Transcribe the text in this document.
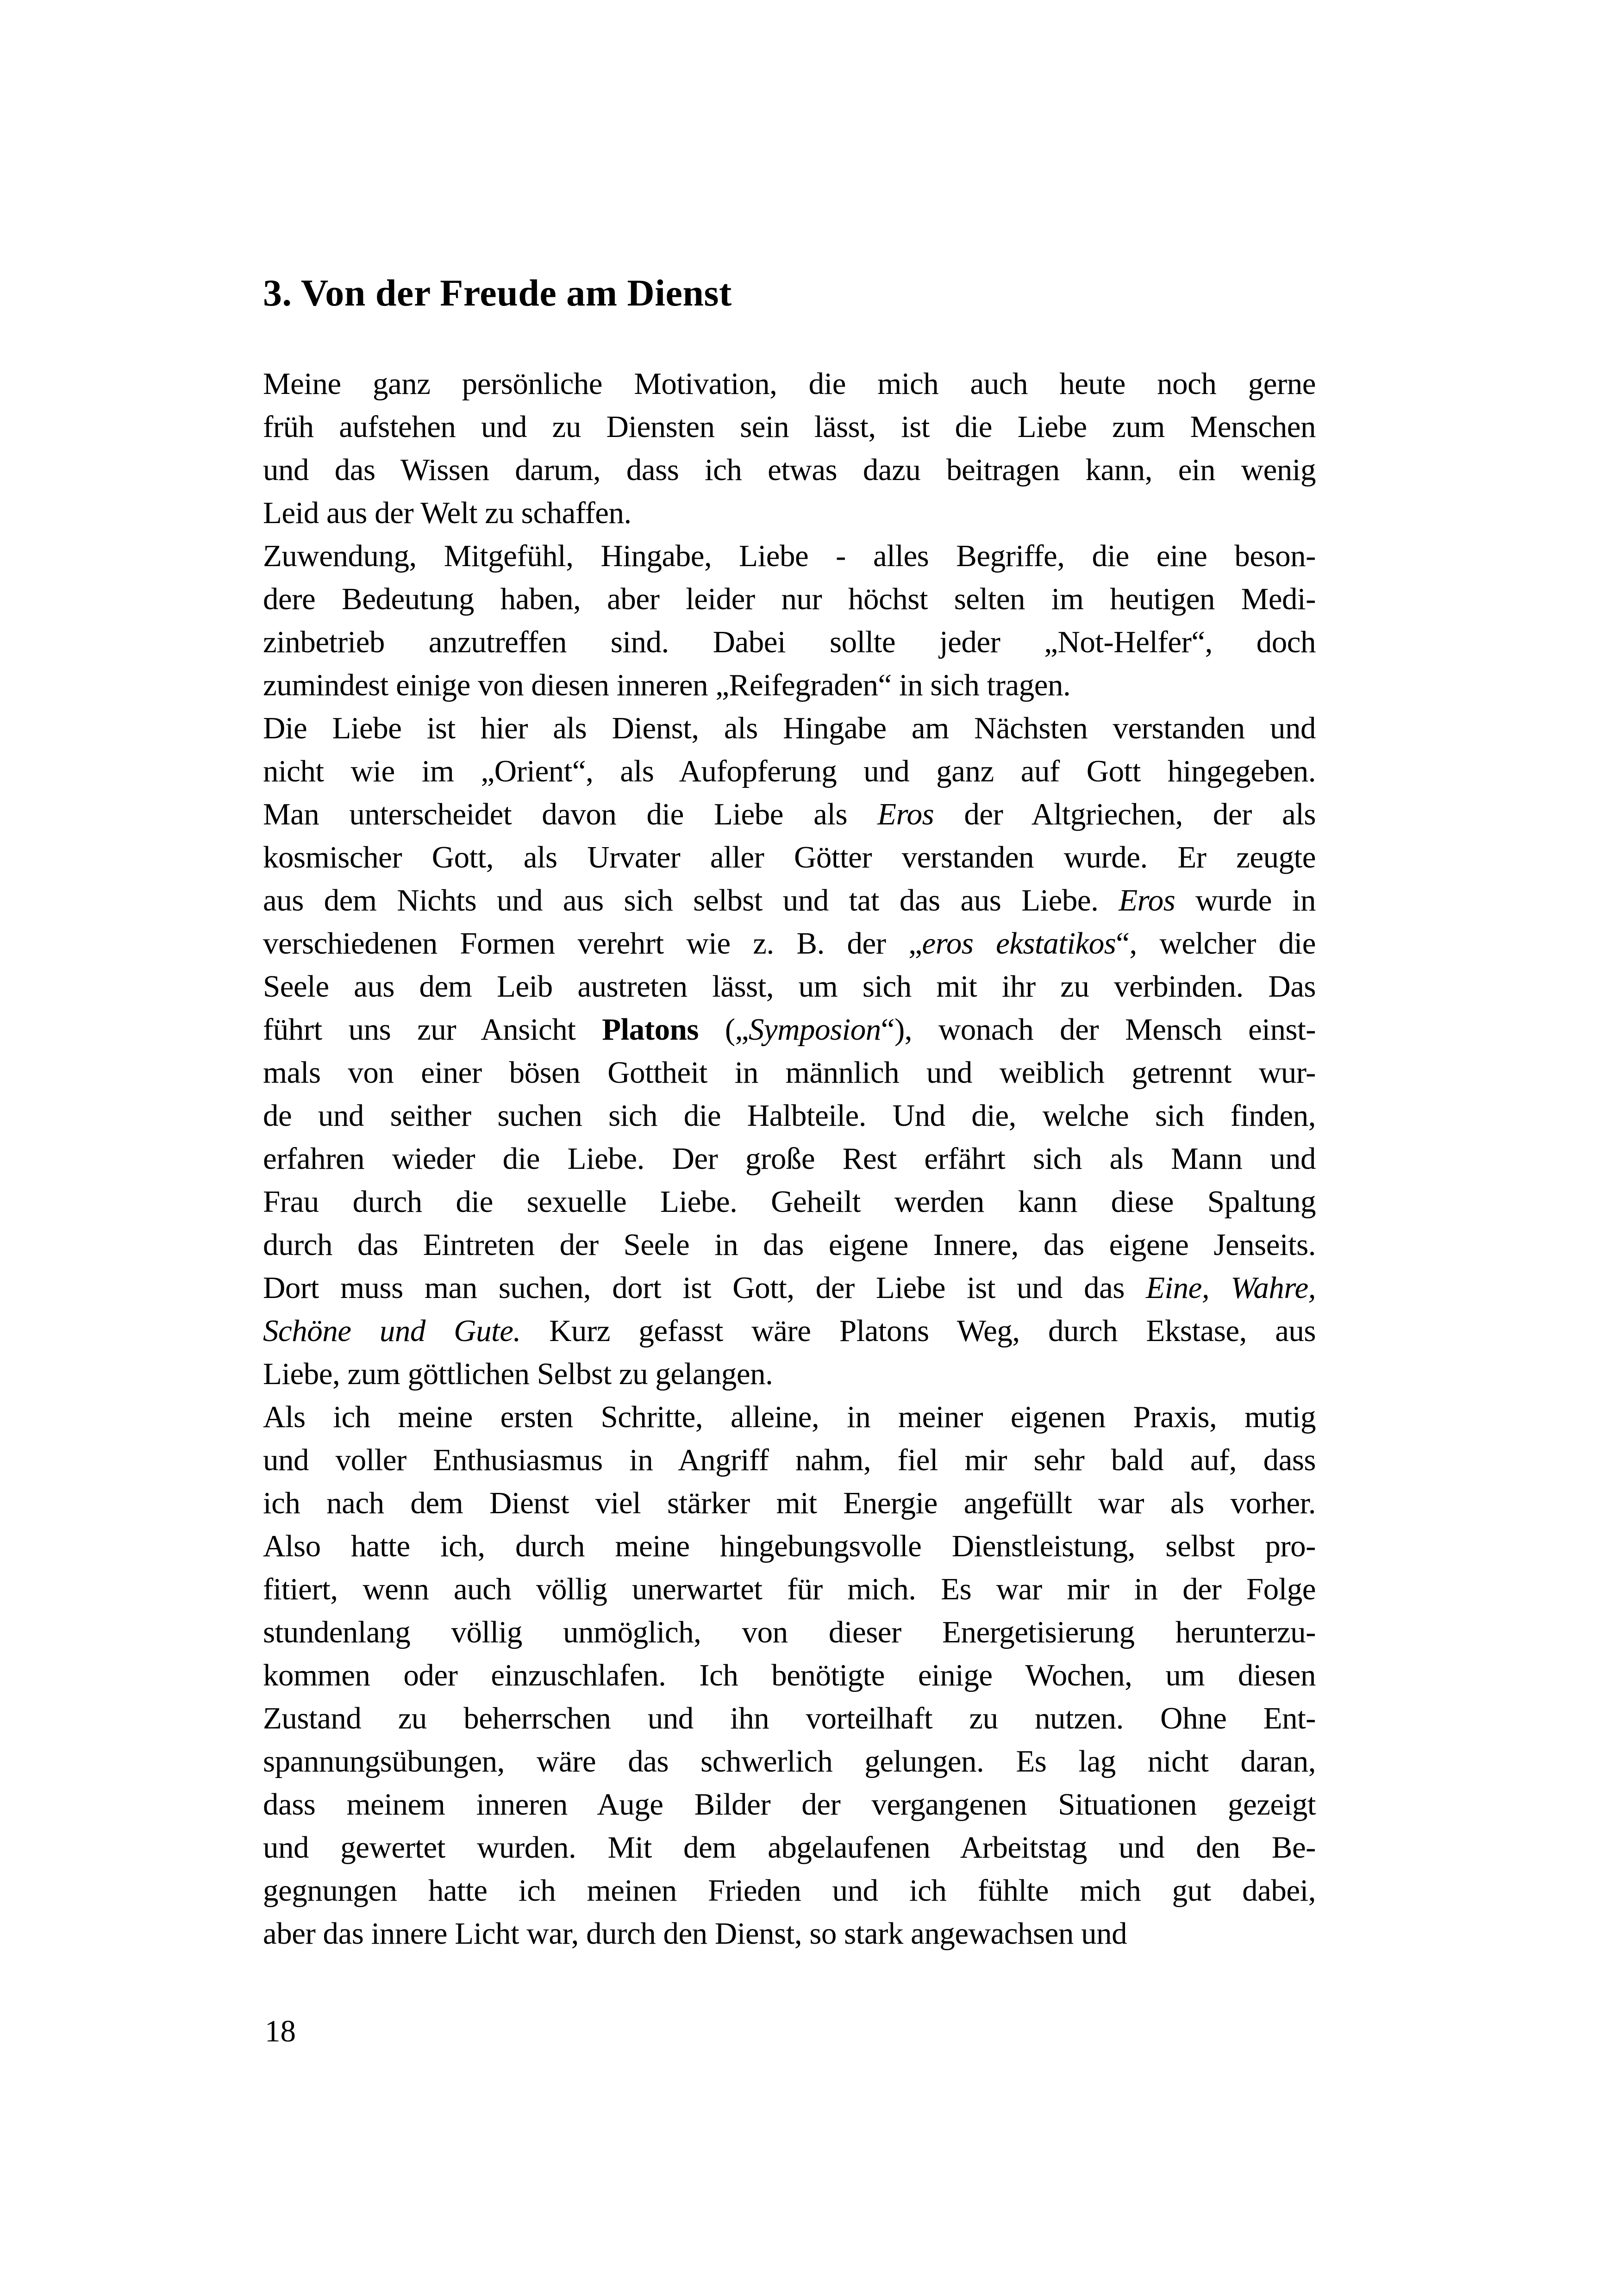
3. Von der Freude am Dienst
Meine ganz persönliche Motivation, die mich auch heute noch gerne
früh aufstehen und zu Diensten sein lässt, ist die Liebe zum Menschen
und das Wissen darum, dass ich etwas dazu beitragen kann, ein wenig
Leid aus der Welt zu schaffen.
Zuwendung, Mitgefühl, Hingabe, Liebe - alles Begriffe, die eine beson-
dere Bedeutung haben, aber leider nur höchst selten im heutigen Medi-
zinbetrieb anzutreffen sind. Dabei sollte jeder „Not-Helfer“, doch
zumindest einige von diesen inneren „Reifegraden“ in sich tragen.
Die Liebe ist hier als Dienst, als Hingabe am Nächsten verstanden und
nicht wie im „Orient“, als Aufopferung und ganz auf Gott hingegeben.
Man unterscheidet davon die Liebe als Eros der Altgriechen, der als
kosmischer Gott, als Urvater aller Götter verstanden wurde. Er zeugte
aus dem Nichts und aus sich selbst und tat das aus Liebe. Eros wurde in
verschiedenen Formen verehrt wie z. B. der „eros ekstatikos“, welcher die
Seele aus dem Leib austreten lässt, um sich mit ihr zu verbinden. Das
führt uns zur Ansicht Platons („Symposion“), wonach der Mensch einst-
mals von einer bösen Gottheit in männlich und weiblich getrennt wur-
de und seither suchen sich die Halbteile. Und die, welche sich finden,
erfahren wieder die Liebe. Der große Rest erfährt sich als Mann und
Frau durch die sexuelle Liebe. Geheilt werden kann diese Spaltung
durch das Eintreten der Seele in das eigene Innere, das eigene Jenseits.
Dort muss man suchen, dort ist Gott, der Liebe ist und das Eine, Wahre,
Schöne und Gute. Kurz gefasst wäre Platons Weg, durch Ekstase, aus
Liebe, zum göttlichen Selbst zu gelangen.
Als ich meine ersten Schritte, alleine, in meiner eigenen Praxis, mutig
und voller Enthusiasmus in Angriff nahm, fiel mir sehr bald auf, dass
ich nach dem Dienst viel stärker mit Energie angefüllt war als vorher.
Also hatte ich, durch meine hingebungsvolle Dienstleistung, selbst pro-
fitiert, wenn auch völlig unerwartet für mich. Es war mir in der Folge
stundenlang völlig unmöglich, von dieser Energetisierung herunterzu-
kommen oder einzuschlafen. Ich benötigte einige Wochen, um diesen
Zustand zu beherrschen und ihn vorteilhaft zu nutzen. Ohne Ent-
spannungsübungen, wäre das schwerlich gelungen. Es lag nicht daran,
dass meinem inneren Auge Bilder der vergangenen Situationen gezeigt
und gewertet wurden. Mit dem abgelaufenen Arbeitstag und den Be-
gegnungen hatte ich meinen Frieden und ich fühlte mich gut dabei,
aber das innere Licht war, durch den Dienst, so stark angewachsen und
18
